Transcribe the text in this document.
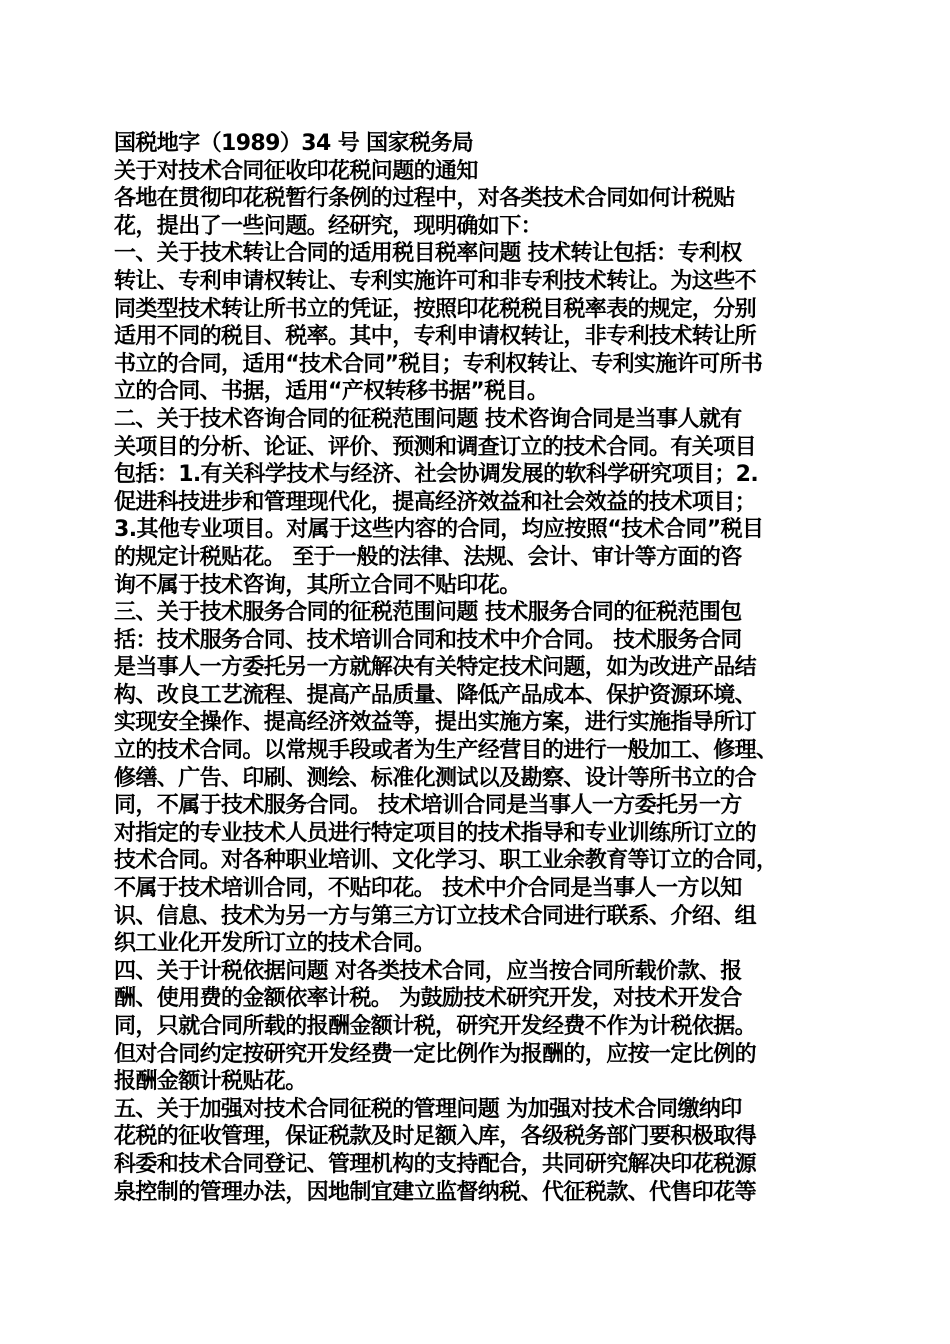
国税地字（1989）34 号 国家税务局
关于对技术合同征收印花税问题的通知
各地在贯彻印花税暂行条例的过程中，对各类技术合同如何计税贴
花，提出了一些问题。经研究，现明确如下：
一、关于技术转让合同的适用税目税率问题 技术转让包括：专利权
转让、专利申请权转让、专利实施许可和非专利技术转让。为这些不
同类型技术转让所书立的凭证，按照印花税税目税率表的规定，分别
适用不同的税目、税率。其中，专利申请权转让，非专利技术转让所
书立的合同，适用“技术合同”税目；专利权转让、专利实施许可所书
立的合同、书据，适用“产权转移书据”税目。
二、关于技术咨询合同的征税范围问题 技术咨询合同是当事人就有
关项目的分析、论证、评价、预测和调查订立的技术合同。有关项目
包括：1.有关科学技术与经济、社会协调发展的软科学研究项目；2.
促进科技进步和管理现代化，提高经济效益和社会效益的技术项目；
3.其他专业项目。对属于这些内容的合同，均应按照“技术合同”税目
的规定计税贴花。 至于一般的法律、法规、会计、审计等方面的咨
询不属于技术咨询，其所立合同不贴印花。
三、关于技术服务合同的征税范围问题 技术服务合同的征税范围包
括：技术服务合同、技术培训合同和技术中介合同。 技术服务合同
是当事人一方委托另一方就解决有关特定技术问题，如为改进产品结
构、改良工艺流程、提高产品质量、降低产品成本、保护资源环境、
实现安全操作、提高经济效益等，提出实施方案，进行实施指导所订
立的技术合同。以常规手段或者为生产经营目的进行一般加工、修理、
修缮、广告、印刷、测绘、标准化测试以及勘察、设计等所书立的合
同，不属于技术服务合同。 技术培训合同是当事人一方委托另一方
对指定的专业技术人员进行特定项目的技术指导和专业训练所订立的
技术合同。对各种职业培训、文化学习、职工业余教育等订立的合同，
不属于技术培训合同，不贴印花。 技术中介合同是当事人一方以知
识、信息、技术为另一方与第三方订立技术合同进行联系、介绍、组
织工业化开发所订立的技术合同。
四、关于计税依据问题 对各类技术合同，应当按合同所载价款、报
酬、使用费的金额依率计税。 为鼓励技术研究开发，对技术开发合
同，只就合同所载的报酬金额计税，研究开发经费不作为计税依据。
但对合同约定按研究开发经费一定比例作为报酬的，应按一定比例的
报酬金额计税贴花。
五、关于加强对技术合同征税的管理问题 为加强对技术合同缴纳印
花税的征收管理，保证税款及时足额入库，各级税务部门要积极取得
科委和技术合同登记、管理机构的支持配合，共同研究解决印花税源
泉控制的管理办法，因地制宜建立监督纳税、代征税款、代售印花等
